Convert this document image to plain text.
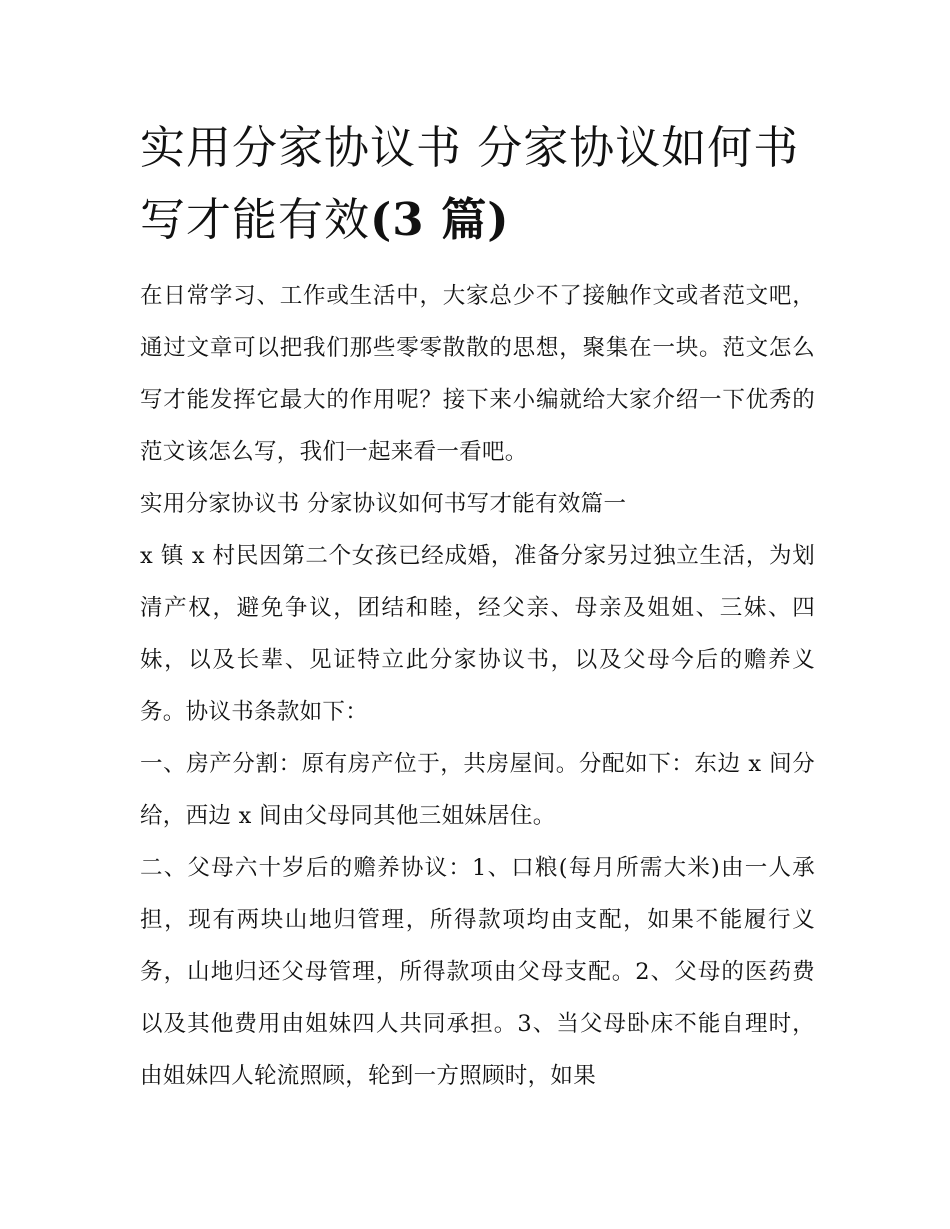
实用分家协议书 分家协议如何书写才能有效(3 篇)

在日常学习、工作或生活中，大家总少不了接触作文或者范文吧，通过文章可以把我们那些零零散散的思想，聚集在一块。范文怎么写才能发挥它最大的作用呢？接下来小编就给大家介绍一下优秀的范文该怎么写，我们一起来看一看吧。

实用分家协议书 分家协议如何书写才能有效篇一

x 镇 x 村民因第二个女孩已经成婚，准备分家另过独立生活，为划清产权，避免争议，团结和睦，经父亲、母亲及姐姐、三妹、四妹，以及长辈、见证特立此分家协议书，以及父母今后的赡养义务。协议书条款如下：

一、房产分割：原有房产位于，共房屋间。分配如下：东边 x 间分给，西边 x 间由父母同其他三姐妹居住。

二、父母六十岁后的赡养协议：1、口粮(每月所需大米)由一人承担，现有两块山地归管理，所得款项均由支配，如果不能履行义务，山地归还父母管理，所得款项由父母支配。2、父母的医药费以及其他费用由姐妹四人共同承担。3、当父母卧床不能自理时，由姐妹四人轮流照顾，轮到一方照顾时，如果
